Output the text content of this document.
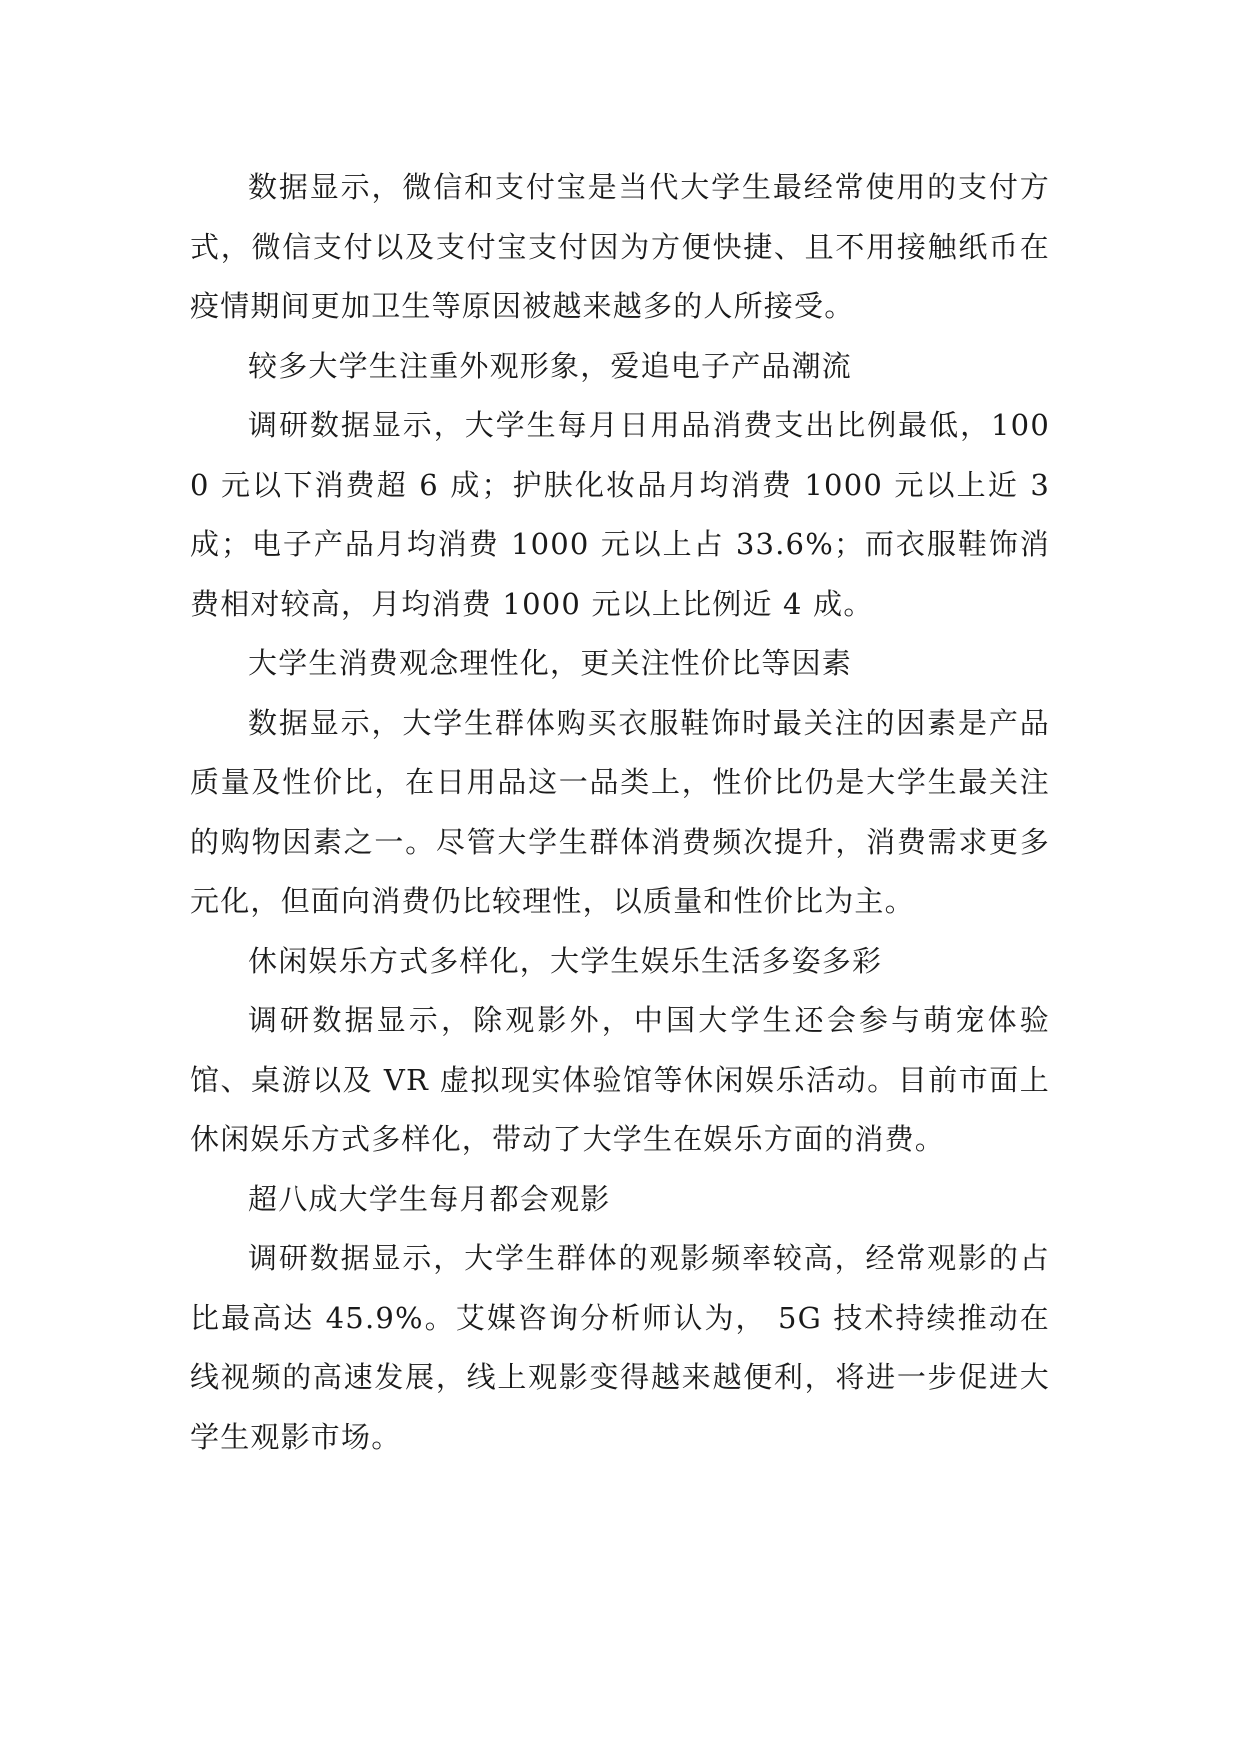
数据显示，微信和支付宝是当代大学生最经常使用的支付方式，微信支付以及支付宝支付因为方便快捷、且不用接触纸币在疫情期间更加卫生等原因被越来越多的人所接受。

较多大学生注重外观形象，爱追电子产品潮流

调研数据显示，大学生每月日用品消费支出比例最低，1000 元以下消费超 6 成；护肤化妆品月均消费 1000 元以上近 3 成；电子产品月均消费 1000 元以上占 33.6%；而衣服鞋饰消费相对较高，月均消费 1000 元以上比例近 4 成。

大学生消费观念理性化，更关注性价比等因素

数据显示，大学生群体购买衣服鞋饰时最关注的因素是产品质量及性价比，在日用品这一品类上，性价比仍是大学生最关注的购物因素之一。尽管大学生群体消费频次提升，消费需求更多元化，但面向消费仍比较理性，以质量和性价比为主。

休闲娱乐方式多样化，大学生娱乐生活多姿多彩

调研数据显示，除观影外，中国大学生还会参与萌宠体验馆、桌游以及 VR 虚拟现实体验馆等休闲娱乐活动。目前市面上休闲娱乐方式多样化，带动了大学生在娱乐方面的消费。

超八成大学生每月都会观影

调研数据显示，大学生群体的观影频率较高，经常观影的占比最高达 45.9%。艾媒咨询分析师认为， 5G 技术持续推动在线视频的高速发展，线上观影变得越来越便利，将进一步促进大学生观影市场。
